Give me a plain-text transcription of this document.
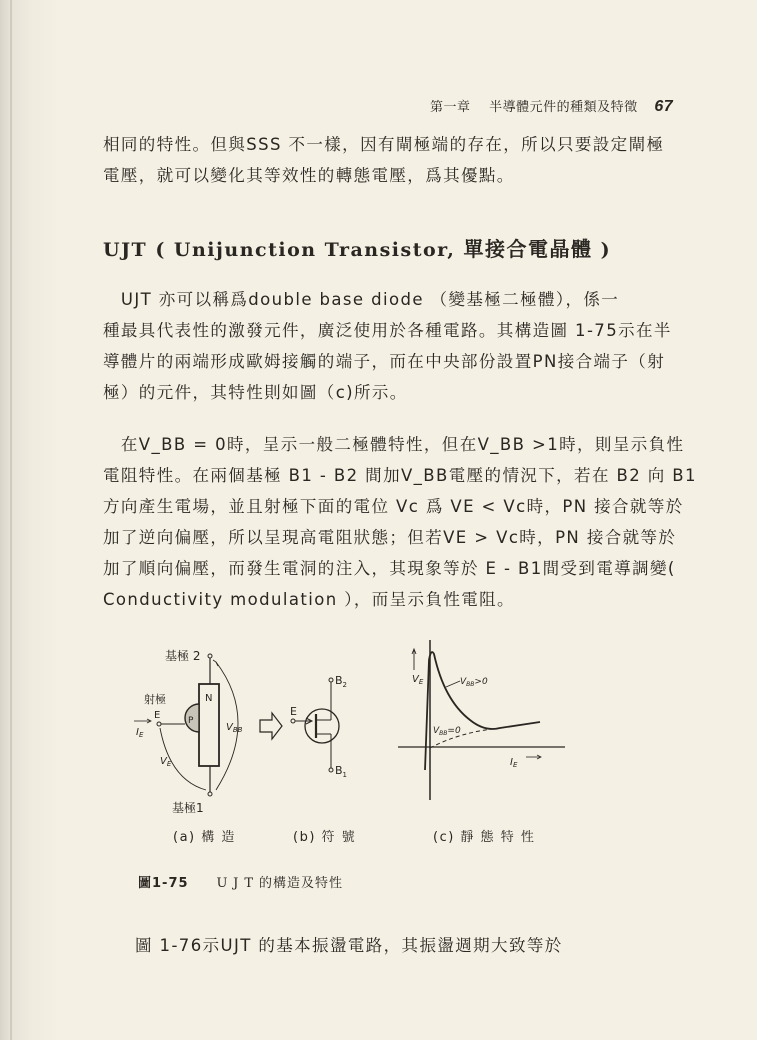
第一章 半導體元件的種類及特徵 67
相同的特性。但與SSS 不一樣，因有閘極端的存在，所以只要設定閘極
電壓，就可以變化其等效性的轉態電壓，爲其優點。
UJT ( Unijunction Transistor, 單接合電晶體 )
　UJT 亦可以稱爲double base diode （變基極二極體），係一
種最具代表性的激發元件，廣泛使用於各種電路。其構造圖 1-75示在半
導體片的兩端形成歐姆接觸的端子，而在中央部份設置PN接合端子（射
極）的元件，其特性則如圖（c)所示。
　在V_BB = 0時，呈示一般二極體特性，但在V_BB >1時，則呈示負性
電阻特性。在兩個基極 B1 - B2 間加V_BB電壓的情況下，若在 B2 向 B1
方向產生電場，並且射極下面的電位 Vc 爲 VE < Vc時，PN 接合就等於
加了逆向偏壓，所以呈現高電阻狀態；但若VE > Vc時，PN 接合就等於
加了順向偏壓，而發生電洞的注入，其現象等於 E - B1間受到電導調變(
Conductivity modulation ），而呈示負性電阻。
基極 2
N
P
基極1
射極
E
$I_E$
$V_E$
$V_{BB}$
E
$B_2$
$B_1$
$V_E$	$V_{BB}>0$
$V_{BB}=0$
$I_E$
(a) 構 造	(b) 符 號	(c) 靜 態 特 性
圖1-75 UJT的構造及特性
圖 1-76示UJT 的基本振盪電路，其振盪週期大致等於
